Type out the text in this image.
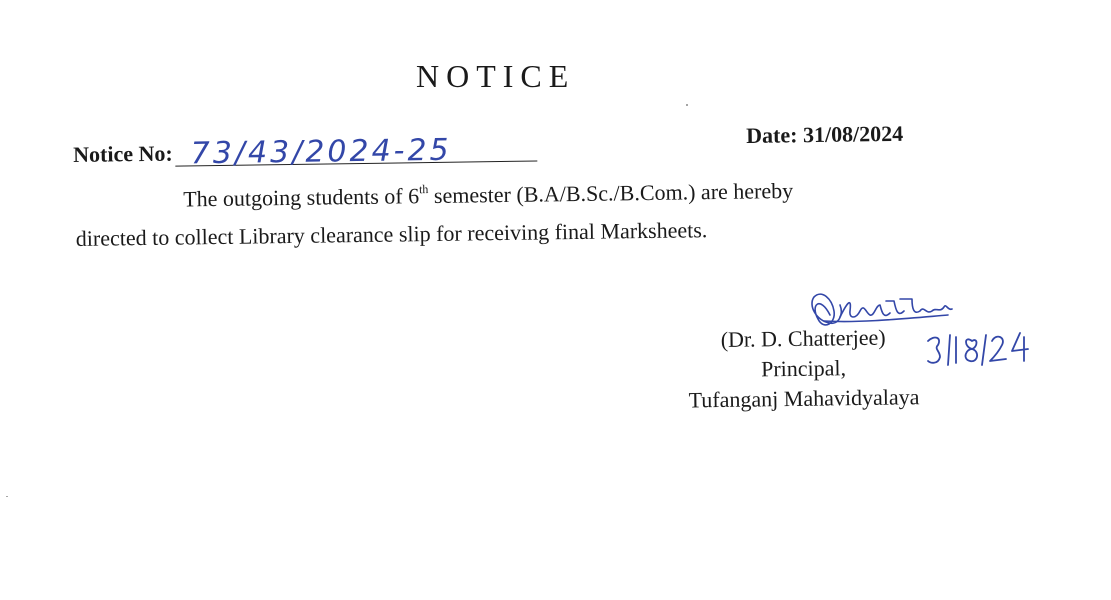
NOTICE
Notice No: 73/43/2024-25	Date: 31/08/2024
The outgoing students of 6th semester (B.A/B.Sc./B.Com.) are hereby
directed to collect Library clearance slip for receiving final Marksheets.
(Dr. D. Chatterjee)
Principal,
Tufanganj Mahavidyalaya
